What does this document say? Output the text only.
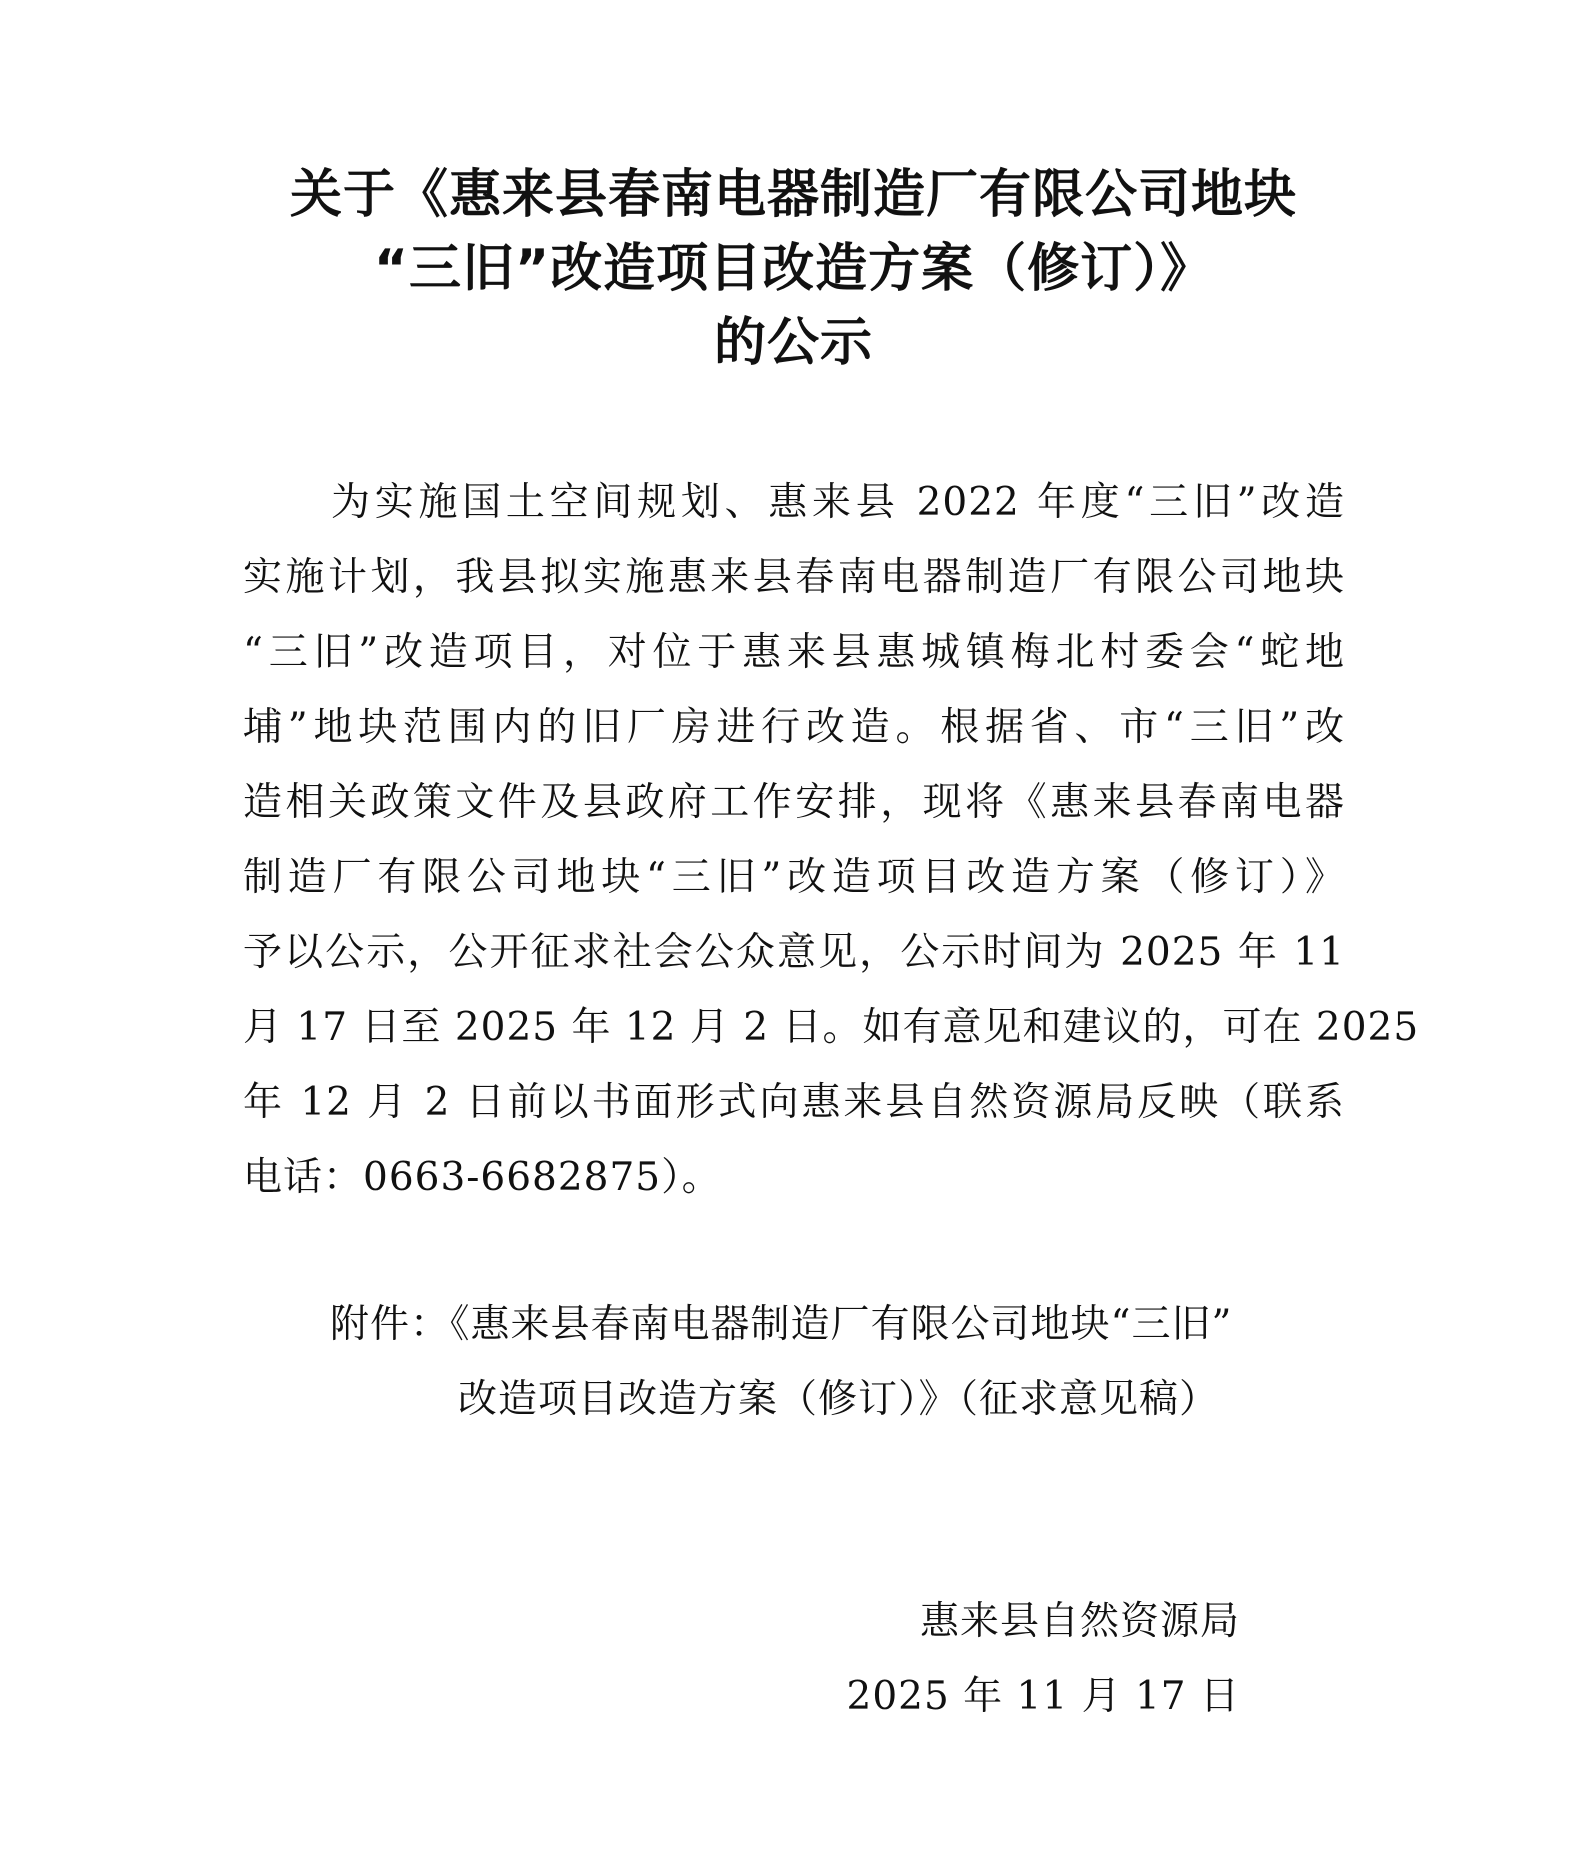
关于《惠来县春南电器制造厂有限公司地块
“三旧”改造项目改造方案（修订）》
的公示
为实施国土空间规划、惠来县 2022 年度“三旧”改造
实施计划，我县拟实施惠来县春南电器制造厂有限公司地块
“三旧”改造项目，对位于惠来县惠城镇梅北村委会“蛇地
埔”地块范围内的旧厂房进行改造。根据省、市“三旧”改
造相关政策文件及县政府工作安排，现将《惠来县春南电器
制造厂有限公司地块“三旧”改造项目改造方案（修订）》
予以公示，公开征求社会公众意见，公示时间为 2025 年 11
月 17 日至 2025 年 12 月 2 日。如有意见和建议的，可在 2025
年 12 月 2 日前以书面形式向惠来县自然资源局反映（联系
电话：0663-6682875）。
附件：《惠来县春南电器制造厂有限公司地块“三旧”
改造项目改造方案（修订）》（征求意见稿）
惠来县自然资源局
2025 年 11 月 17 日
